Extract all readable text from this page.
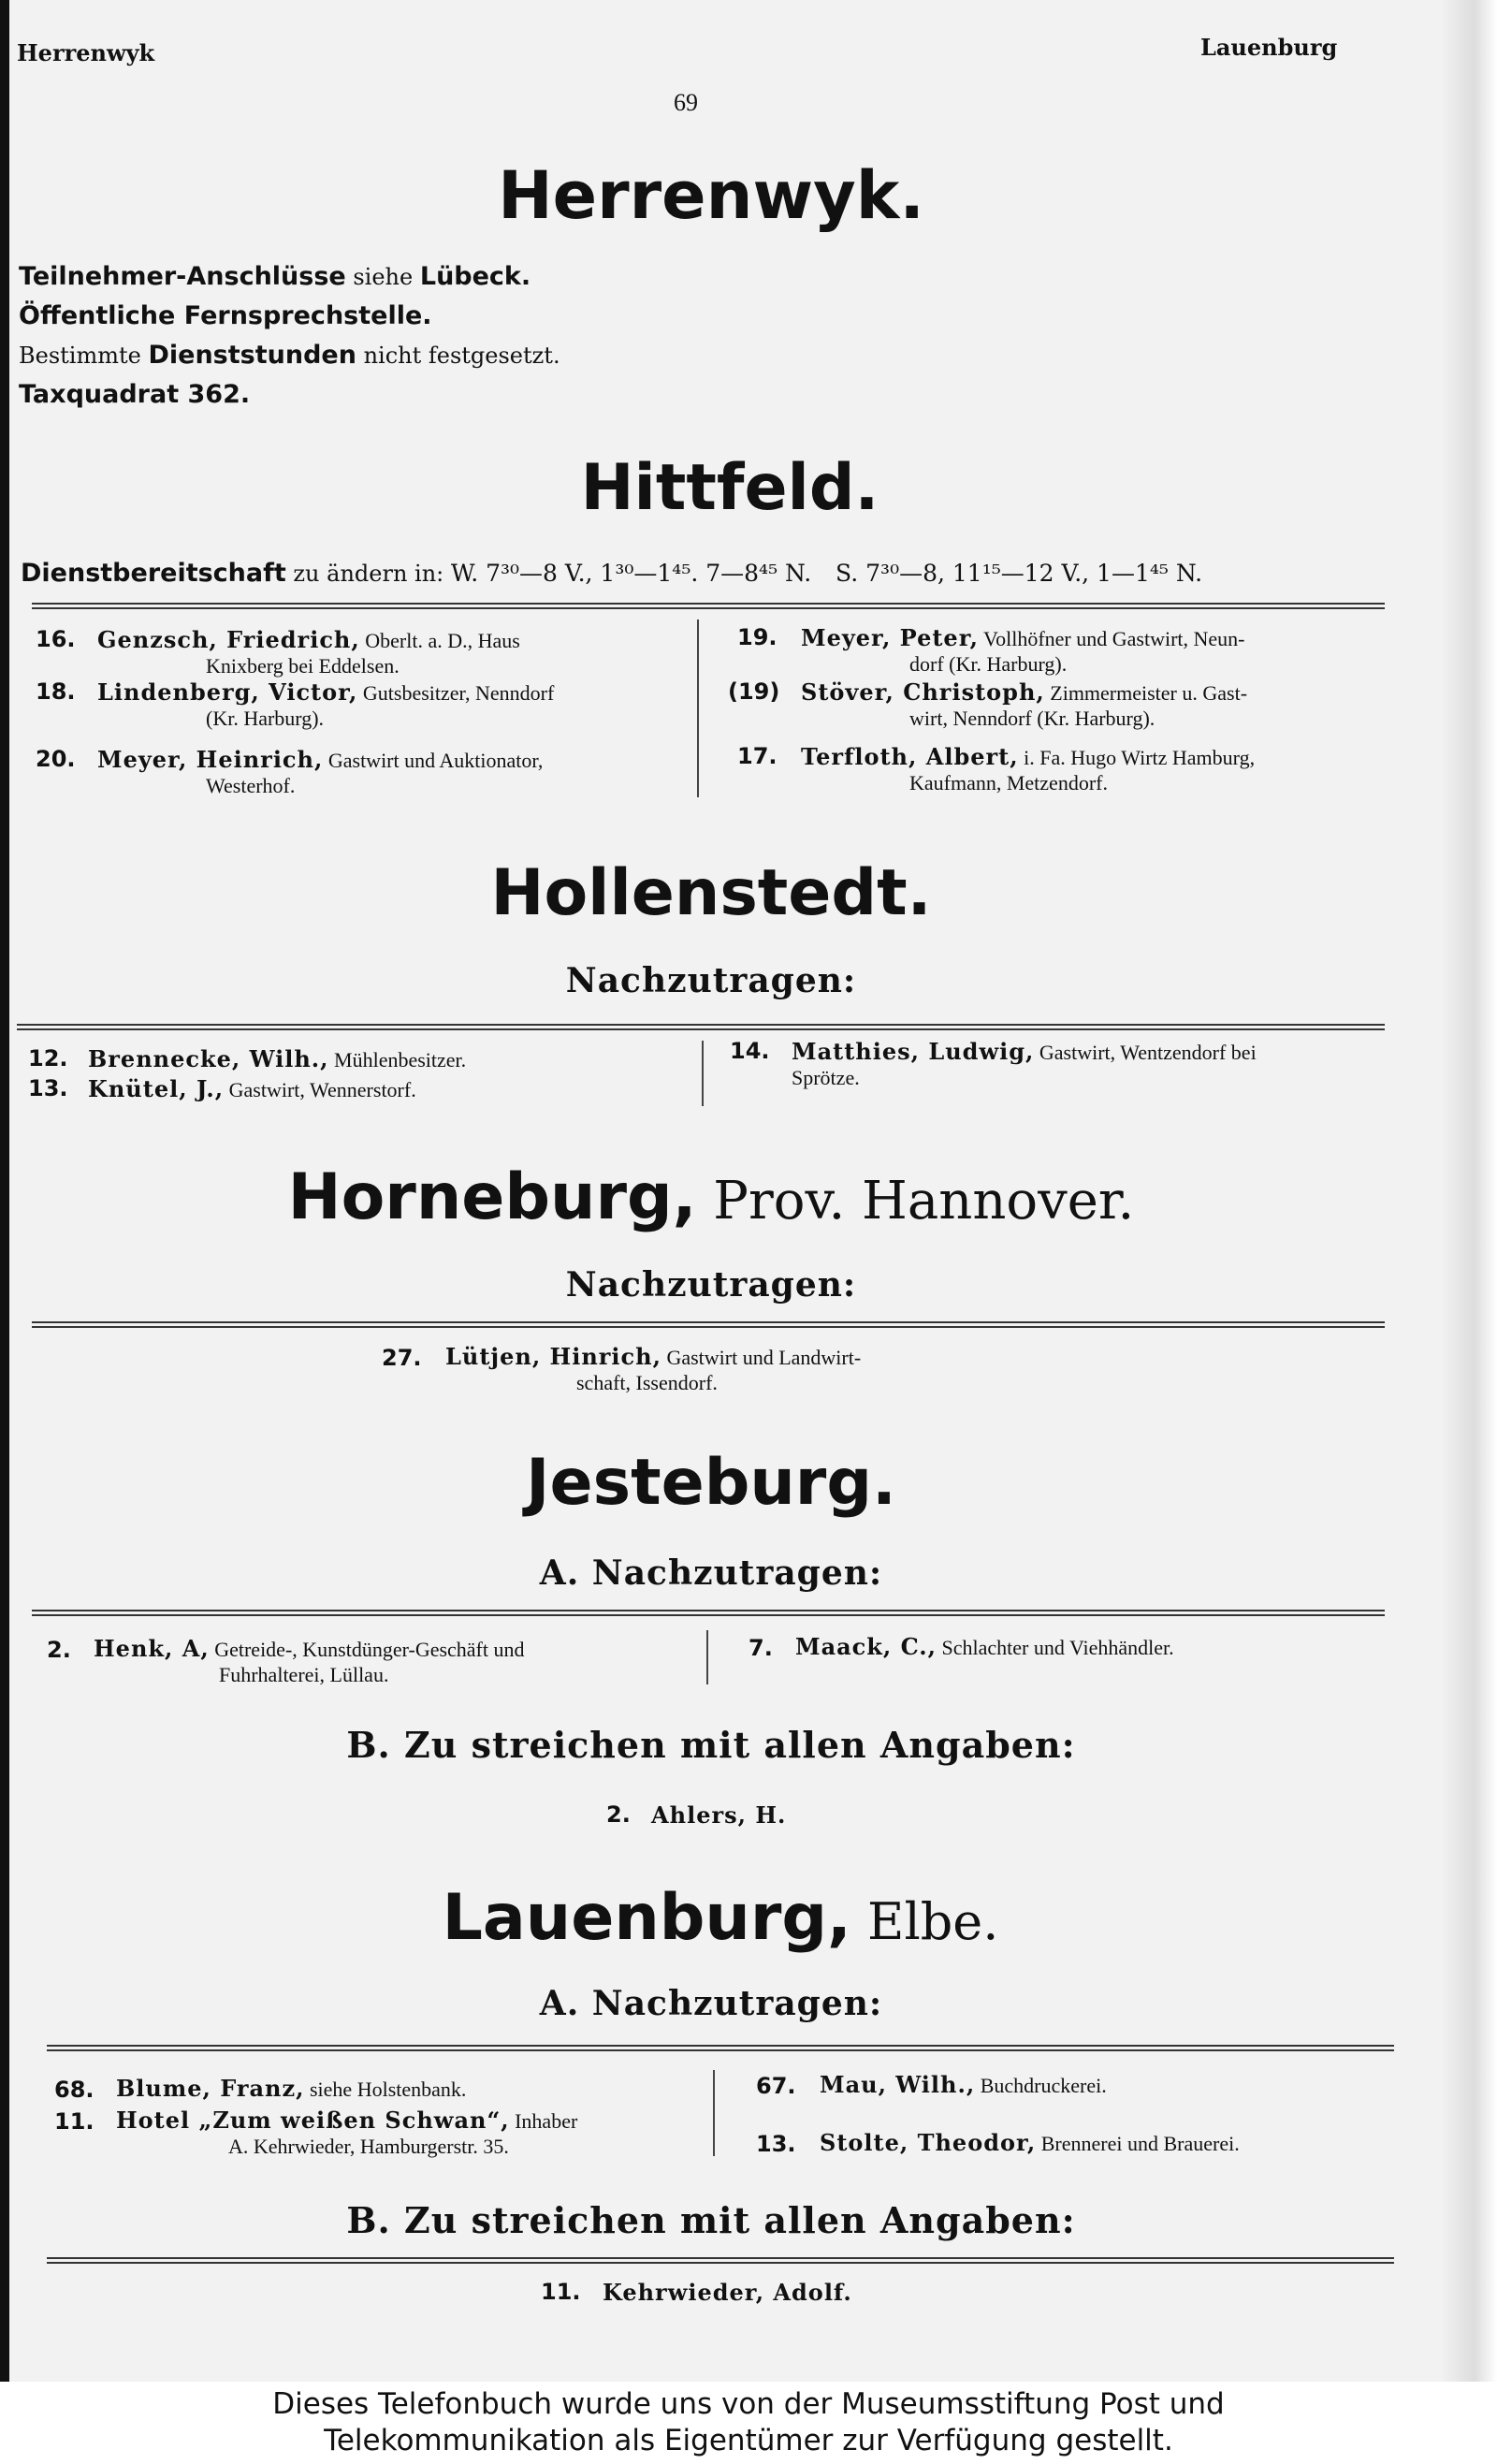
Herrenwyk	Lauenburg
69
Herrenwyk.
Teilnehmer-Anschlüsse siehe Lübeck.
Öffentliche Fernsprechstelle.
Bestimmte Dienststunden nicht festgesetzt.
Taxquadrat 362.
Hittfeld.
Dienstbereitschaft zu ändern in: W. 7³⁰—8 V., 1³⁰—1⁴⁵. 7—8⁴⁵ N. S. 7³⁰—8, 11¹⁵—12 V., 1—1⁴⁵ N.
16. Genzsch, Friedrich, Oberlt. a. D., Haus
Knixberg bei Eddelsen.
18. Lindenberg, Victor, Gutsbesitzer, Nenndorf
(Kr. Harburg).
20. Meyer, Heinrich, Gastwirt und Auktionator,
Westerhof.
19. Meyer, Peter, Vollhöfner und Gastwirt, Neun-
dorf (Kr. Harburg).
(19) Stöver, Christoph, Zimmermeister u. Gast-
wirt, Nenndorf (Kr. Harburg).
17. Terfloth, Albert, i. Fa. Hugo Wirtz Hamburg,
Kaufmann, Metzendorf.
Hollenstedt.
Nachzutragen:
12. Brennecke, Wilh., Mühlenbesitzer.
13. Knütel, J., Gastwirt, Wennerstorf.
14. Matthies, Ludwig, Gastwirt, Wentzendorf bei
Sprötze.
Horneburg, Prov. Hannover.
Nachzutragen:
27. Lütjen, Hinrich, Gastwirt und Landwirt-
schaft, Issendorf.
Jesteburg.
A. Nachzutragen:
2. Henk, A, Getreide-, Kunstdünger-Geschäft und
Fuhrhalterei, Lüllau.
7. Maack, C., Schlachter und Viehhändler.
B. Zu streichen mit allen Angaben:
2. Ahlers, H.
Lauenburg, Elbe.
A. Nachzutragen:
68. Blume, Franz, siehe Holstenbank.
11. Hotel „Zum weißen Schwan“, Inhaber
A. Kehrwieder, Hamburgerstr. 35.
67. Mau, Wilh., Buchdruckerei.
13. Stolte, Theodor, Brennerei und Brauerei.
B. Zu streichen mit allen Angaben:
11. Kehrwieder, Adolf.
Dieses Telefonbuch wurde uns von der Museumsstiftung Post und
Telekommunikation als Eigentümer zur Verfügung gestellt.
